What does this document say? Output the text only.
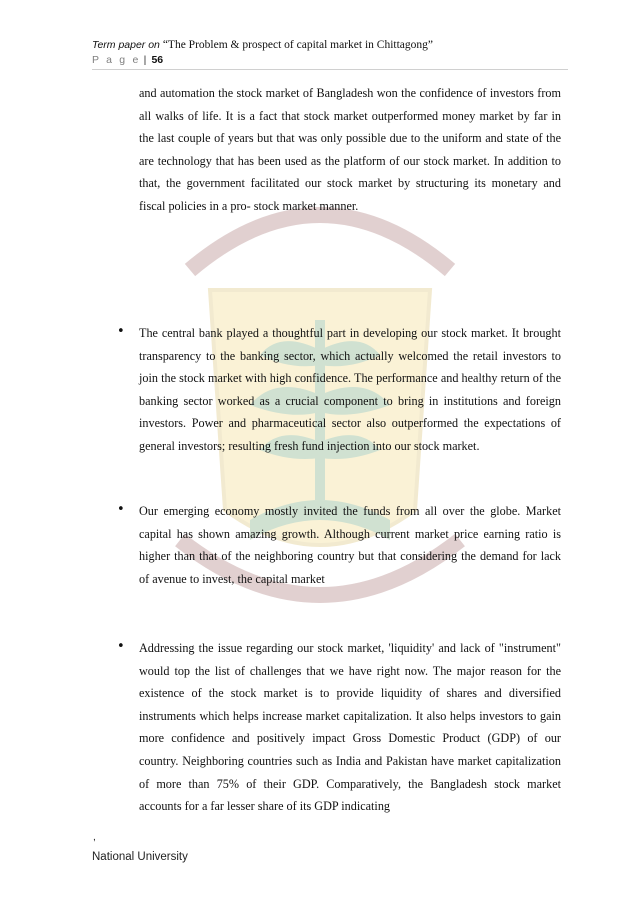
Term paper on “The Problem & prospect of capital market in Chittagong”
P a g e | 56
and automation the stock market of Bangladesh won the confidence of investors from all walks of life. It is a fact that stock market outperformed money market by far in the last couple of years but that was only possible due to the uniform and state of the are technology that has been used as the platform of our stock market. In addition to that, the government facilitated our stock market by structuring its monetary and fiscal policies in a pro- stock market manner.
• The central bank played a thoughtful part in developing our stock market. It brought transparency to the banking sector, which actually welcomed the retail investors to join the stock market with high confidence. The performance and healthy return of the banking sector worked as a crucial component to bring in institutions and foreign investors. Power and pharmaceutical sector also outperformed the expectations of general investors; resulting fresh fund injection into our stock market.
• Our emerging economy mostly invited the funds from all over the globe. Market capital has shown amazing growth. Although current market price earning ratio is higher than that of the neighboring country but that considering the demand for lack of avenue to invest, the capital market
• Addressing the issue regarding our stock market, 'liquidity' and lack of "instrument" would top the list of challenges that we have right now. The major reason for the existence of the stock market is to provide liquidity of shares and diversified instruments which helps increase market capitalization. It also helps investors to gain more confidence and positively impact Gross Domestic Product (GDP) of our country. Neighboring countries such as India and Pakistan have market capitalization of more than 75% of their GDP. Comparatively, the Bangladesh stock market accounts for a far lesser share of its GDP indicating
,
National University
